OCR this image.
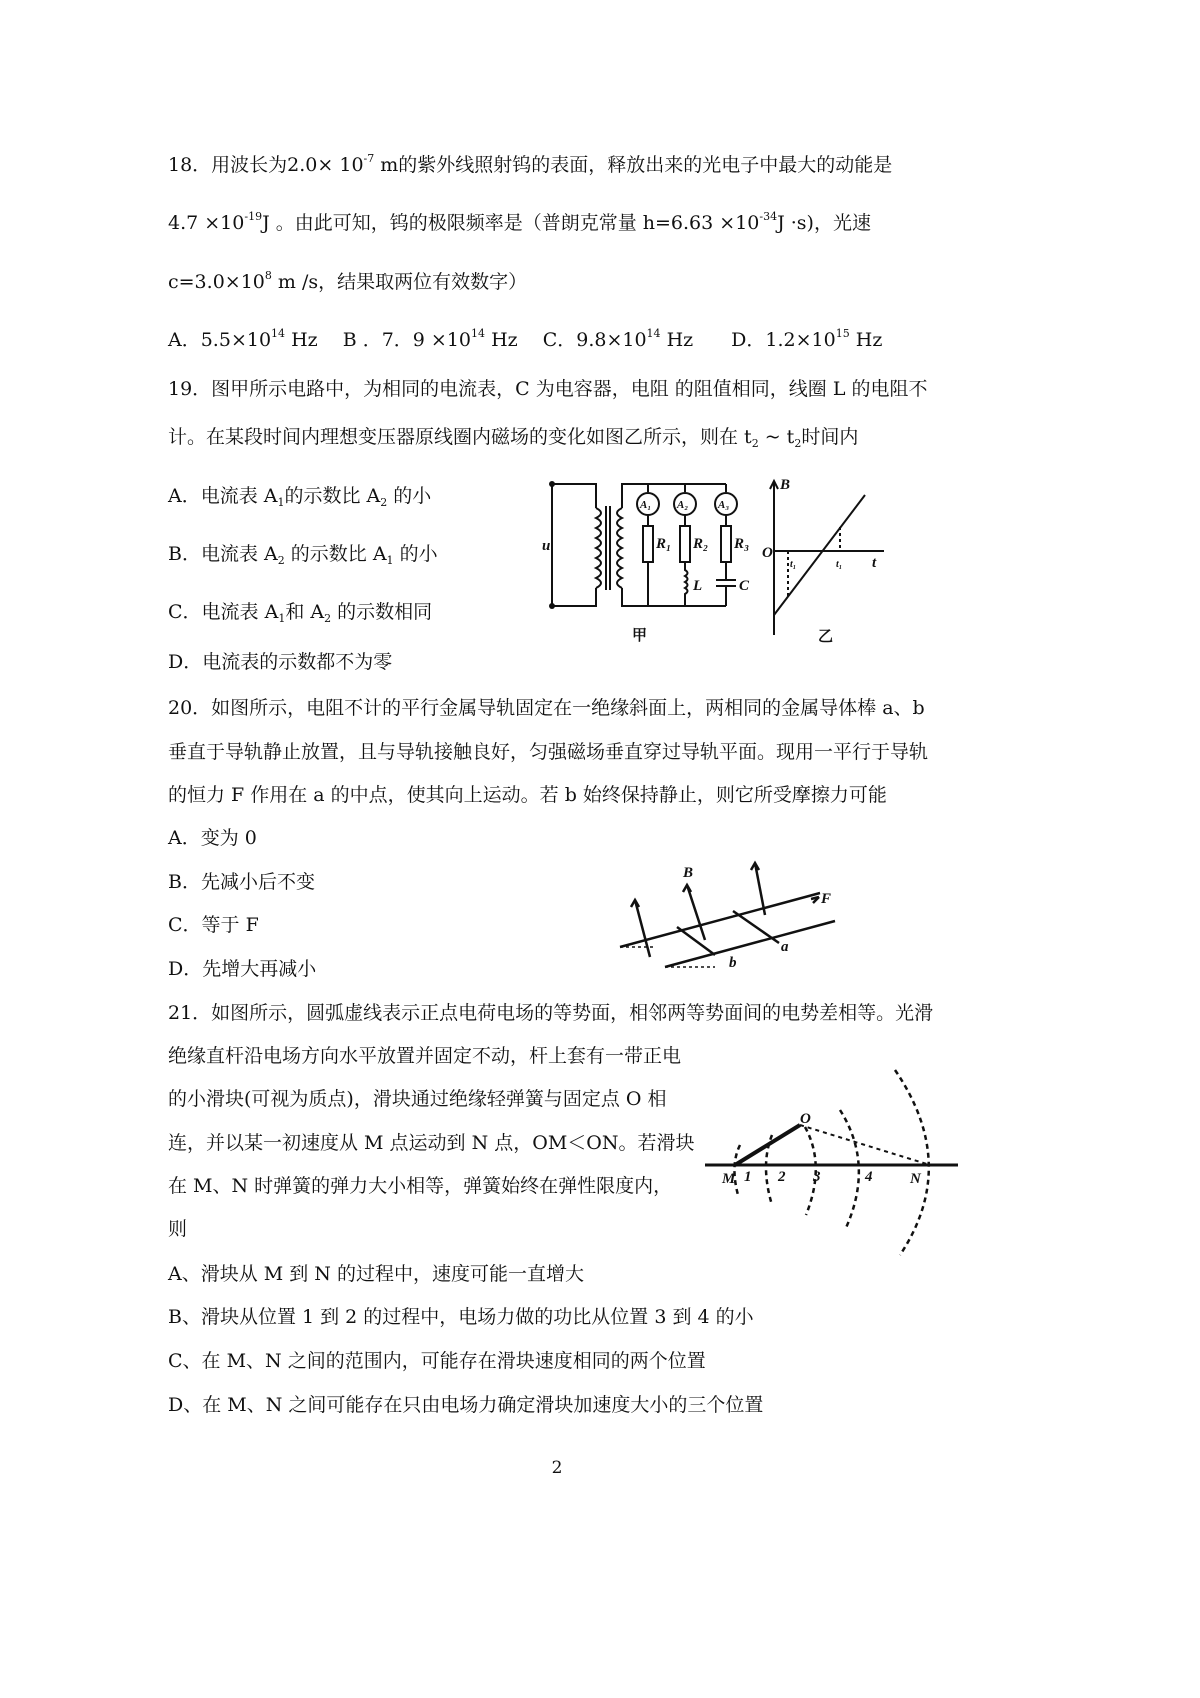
18．用波长为$2.0\times 10^{-7}$ m的紫外线照射钨的表面，释放出来的光电子中最大的动能是
$4.7 \times 10^{-19}J$ 。由此可知，钨的极限频率是（普朗克常量 $h=6.63 \times 10^{-34}J \cdot s$)，光速
$c=3.0\times 10^8$ m /s，结果取两位有效数字）
A．$5.5\times 10^{14}$ Hz　 B ．7．$9 \times 10^{14}$ Hz　 C．$9.8\times 10^{14}$ Hz　　D．$1.2\times 10^{15}$ Hz
19．图甲所示电路中，为相同的电流表，C 为电容器，电阻 的阻值相同，线圈 L 的电阻不
计。在某段时间内理想变压器原线圈内磁场的变化如图乙所示，则在 $t_2$ ~ $t_2$时间内
A．电流表 $A_1$的示数比 $A_2$ 的小
B．电流表 $A_2$ 的示数比 $A_1$ 的小
C．电流表 $A_1$和 $A_2$ 的示数相同
D．电流表的示数都不为零
20．如图所示，电阻不计的平行金属导轨固定在一绝缘斜面上，两相同的金属导体棒 a、b
垂直于导轨静止放置，且与导轨接触良好，匀强磁场垂直穿过导轨平面。现用一平行于导轨
的恒力 F 作用在 a 的中点，使其向上运动。若 b 始终保持静止，则它所受摩擦力可能
A．变为 0
B．先减小后不变
C．等于 F
D．先增大再减小
21．如图所示，圆弧虚线表示正点电荷电场的等势面，相邻两等势面间的电势差相等。光滑
绝缘直杆沿电场方向水平放置并固定不动，杆上套有一带正电
的小滑块(可视为质点)，滑块通过绝缘轻弹簧与固定点 O 相
连，并以某一初速度从 M 点运动到 N 点，OM＜ON。若滑块
在 M、N 时弹簧的弹力大小相等，弹簧始终在弹性限度内，
则
A、滑块从 M 到 N 的过程中，速度可能一直增大
B、滑块从位置 1 到 2 的过程中，电场力做的功比从位置 3 到 4 的小
C、在 M、N 之间的范围内，可能存在滑块速度相同的两个位置
D、在 M、N 之间可能存在只由电场力确定滑块加速度大小的三个位置
u
A₁ A₂	A₃
R₁ R₂ R₃
L C
甲
B
O
t₁	t₁ t
乙
B
F
a
b
O
M 1 2 3	4	N
2
